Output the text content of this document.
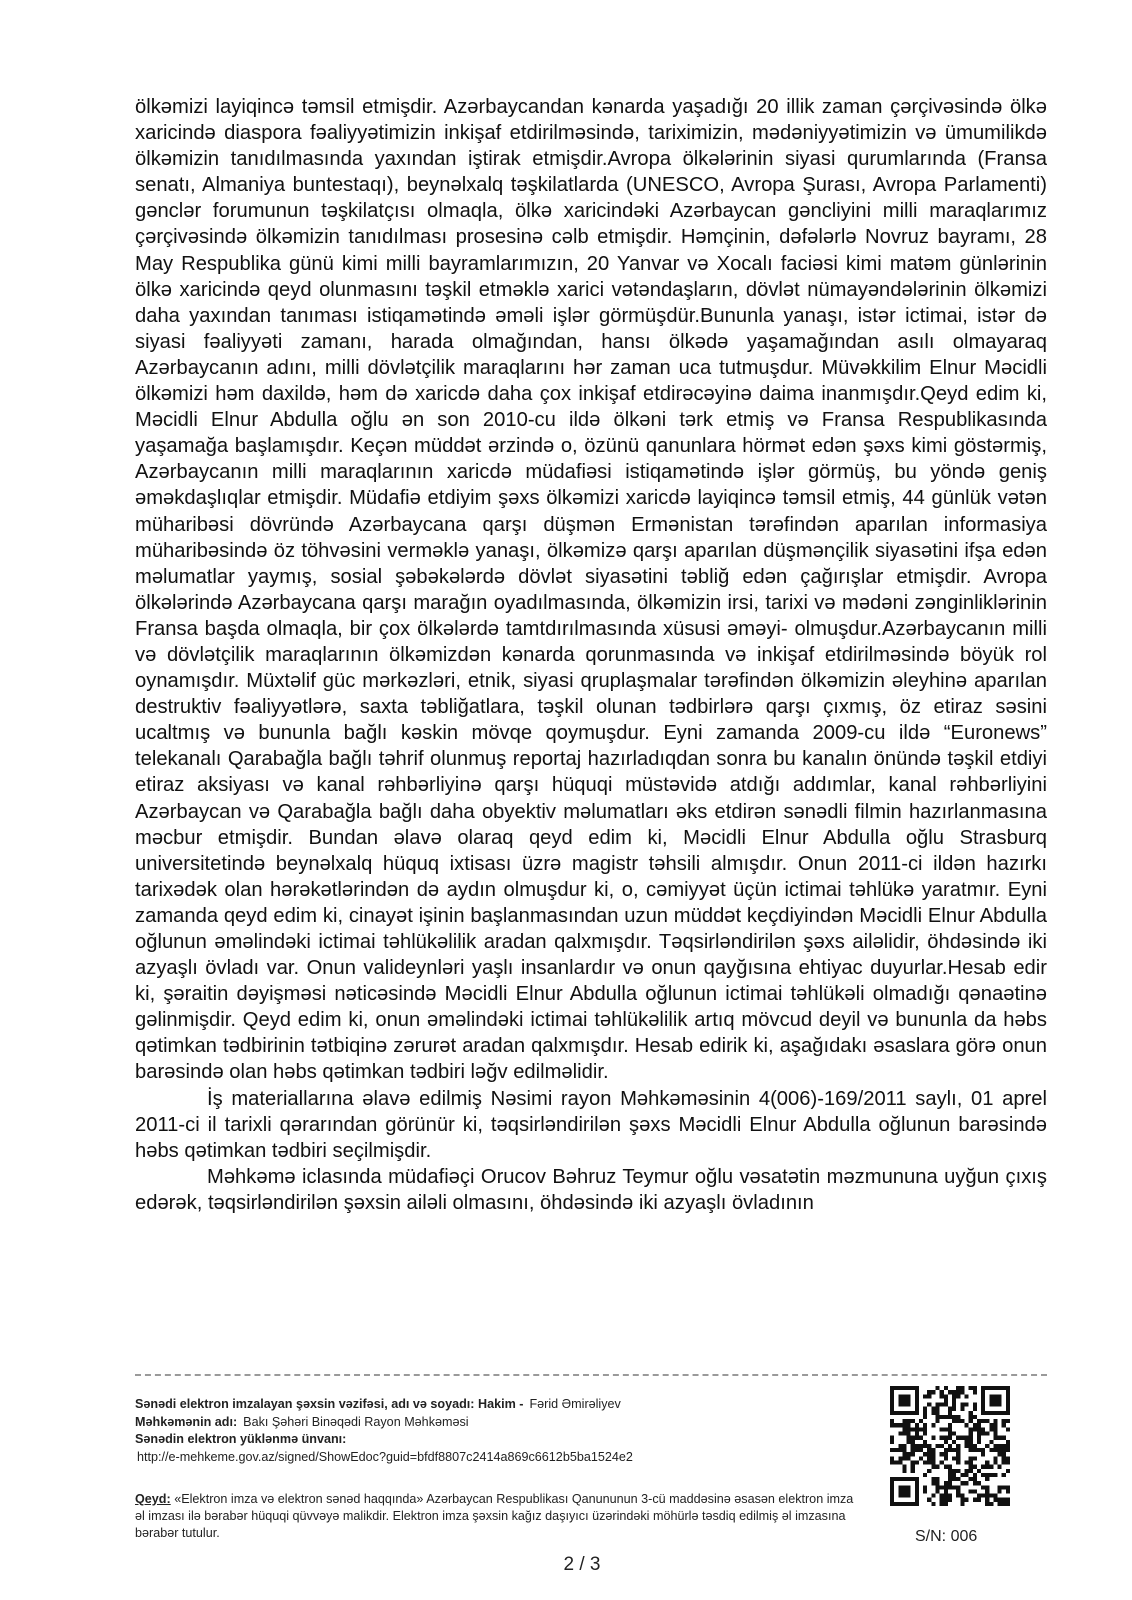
ölkəmizi layiqincə təmsil etmişdir. Azərbaycandan kənarda yaşadığı 20 illik zaman çərçivəsində ölkə xaricində diaspora fəaliyyətimizin inkişaf etdirilməsində, tariximizin, mədəniyyətimizin və ümumilikdə ölkəmizin tanıdılmasında yaxından iştirak etmişdir.Avropa ölkələrinin siyasi qurumlarında (Fransa senatı, Almaniya buntestaqı), beynəlxalq təşkilatlarda (UNESCO, Avropa Şurası, Avropa Parlamenti) gənclər forumunun təşkilatçısı olmaqla, ölkə xaricindəki Azərbaycan gəncliyini milli maraqlarımız çərçivəsində ölkəmizin tanıdılması prosesinə cəlb etmişdir. Həmçinin, dəfələrlə Novruz bayramı, 28 May Respublika günü kimi milli bayramlarımızın, 20 Yanvar və Xocalı faciəsi kimi matəm günlərinin ölkə xaricində qeyd olunmasını təşkil etməklə xarici vətəndaşların, dövlət nümayəndələrinin ölkəmizi daha yaxından tanıması istiqamətində əməli işlər görmüşdür.Bununla yanaşı, istər ictimai, istər də siyasi fəaliyyəti zamanı, harada olmağından, hansı ölkədə yaşamağından asılı olmayaraq Azərbaycanın adını, milli dövlətçilik maraqlarını hər zaman uca tutmuşdur. Müvəkkilim Elnur Məcidli ölkəmizi həm daxildə, həm də xaricdə daha çox inkişaf etdirəcəyinə daima inanmışdır.Qeyd edim ki, Məcidli Elnur Abdulla oğlu ən son 2010-cu ildə ölkəni tərk etmiş və Fransa Respublikasında yaşamağa başlamışdır. Keçən müddət ərzində o, özünü qanunlara hörmət edən şəxs kimi göstərmiş, Azərbaycanın milli maraqlarının xaricdə müdafiəsi istiqamətində işlər görmüş, bu yöndə geniş əməkdaşlıqlar etmişdir. Müdafiə etdiyim şəxs ölkəmizi xaricdə layiqincə təmsil etmiş, 44 günlük vətən müharibəsi dövründə Azərbaycana qarşı düşmən Ermənistan tərəfindən aparılan informasiya müharibəsində öz töhvəsini verməklə yanaşı, ölkəmizə qarşı aparılan düşmənçilik siyasətini ifşa edən məlumatlar yaymış, sosial şəbəkələrdə dövlət siyasətini təbliğ edən çağırışlar etmişdir. Avropa ölkələrində Azərbaycana qarşı marağın oyadılmasında, ölkəmizin irsi, tarixi və mədəni zənginliklərinin Fransa başda olmaqla, bir çox ölkələrdə tamtdırılmasında xüsusi əməyi- olmuşdur.Azərbaycanın milli və dövlətçilik maraqlarının ölkəmizdən kənarda qorunmasında və inkişaf etdirilməsində böyük rol oynamışdır. Müxtəlif güc mərkəzləri, etnik, siyasi qruplaşmalar tərəfindən ölkəmizin əleyhinə aparılan destruktiv fəaliyyətlərə, saxta təbliğatlara, təşkil olunan tədbirlərə qarşı çıxmış, öz etiraz səsini ucaltmış və bununla bağlı kəskin mövqe qoymuşdur. Eyni zamanda 2009-cu ildə “Euronews” telekanalı Qarabağla bağlı təhrif olunmuş reportaj hazırladıqdan sonra bu kanalın önündə təşkil etdiyi etiraz aksiyası və kanal rəhbərliyinə qarşı hüquqi müstəvidə atdığı addımlar, kanal rəhbərliyini Azərbaycan və Qarabağla bağlı daha obyektiv məlumatları əks etdirən sənədli filmin hazırlanmasına məcbur etmişdir. Bundan əlavə olaraq qeyd edim ki, Məcidli Elnur Abdulla oğlu Strasburq universitetində beynəlxalq hüquq ixtisası üzrə magistr təhsili almışdır. Onun 2011-ci ildən hazırkı tarixədək olan hərəkətlərindən də aydın olmuşdur ki, o, cəmiyyət üçün ictimai təhlükə yaratmır. Eyni zamanda qeyd edim ki, cinayət işinin başlanmasından uzun müddət keçdiyindən Məcidli Elnur Abdulla oğlunun əməlindəki ictimai təhlükəlilik aradan qalxmışdır. Təqsirləndirilən şəxs ailəlidir, öhdəsində iki azyaşlı övladı var. Onun valideynləri yaşlı insanlardır və onun qayğısına ehtiyac duyurlar.Hesab edir ki, şəraitin dəyişməsi nəticəsində Məcidli Elnur Abdulla oğlunun ictimai təhlükəli olmadığı qənaətinə gəlinmişdir. Qeyd edim ki, onun əməlindəki ictimai təhlükəlilik artıq mövcud deyil və bununla da həbs qətimkan tədbirinin tətbiqinə zərurət aradan qalxmışdır. Hesab edirik ki, aşağıdakı əsaslara görə onun barəsində olan həbs qətimkan tədbiri ləğv edilməlidir.

İş materiallarına əlavə edilmiş Nəsimi rayon Məhkəməsinin 4(006)-169/2011 saylı, 01 aprel 2011-ci il tarixli qərarından görünür ki, təqsirləndirilən şəxs Məcidli Elnur Abdulla oğlunun barəsində həbs qətimkan tədbiri seçilmişdir.

Məhkəmə iclasında müdafiəçi Orucov Bəhruz Teymur oğlu vəsatətin məzmununa uyğun çıxış edərək, təqsirləndirilən şəxsin ailəli olmasını, öhdəsində iki azyaşlı övladının

Sənədi elektron imzalayan şəxsin vəzifəsi, adı və soyadı: Hakim - Fərid Əmirəliyev
Məhkəmənin adı: Bakı Şəhəri Binəqədi Rayon Məhkəməsi
Sənədin elektron yüklənmə ünvanı:
http://e-mehkeme.gov.az/signed/ShowEdoc?guid=bfdf8807c2414a869c6612b5ba1524e2
Qeyd: «Elektron imza və elektron sənəd haqqında» Azərbaycan Respublikası Qanununun 3-cü maddəsinə əsasən elektron imza əl imzası ilə bərabər hüquqi qüvvəyə malikdir. Elektron imza şəxsin kağız daşıyıcı üzərindəki möhürlə təsdiq edilmiş əl imzasına bərabər tutulur.	S/N: 006
2 / 3
